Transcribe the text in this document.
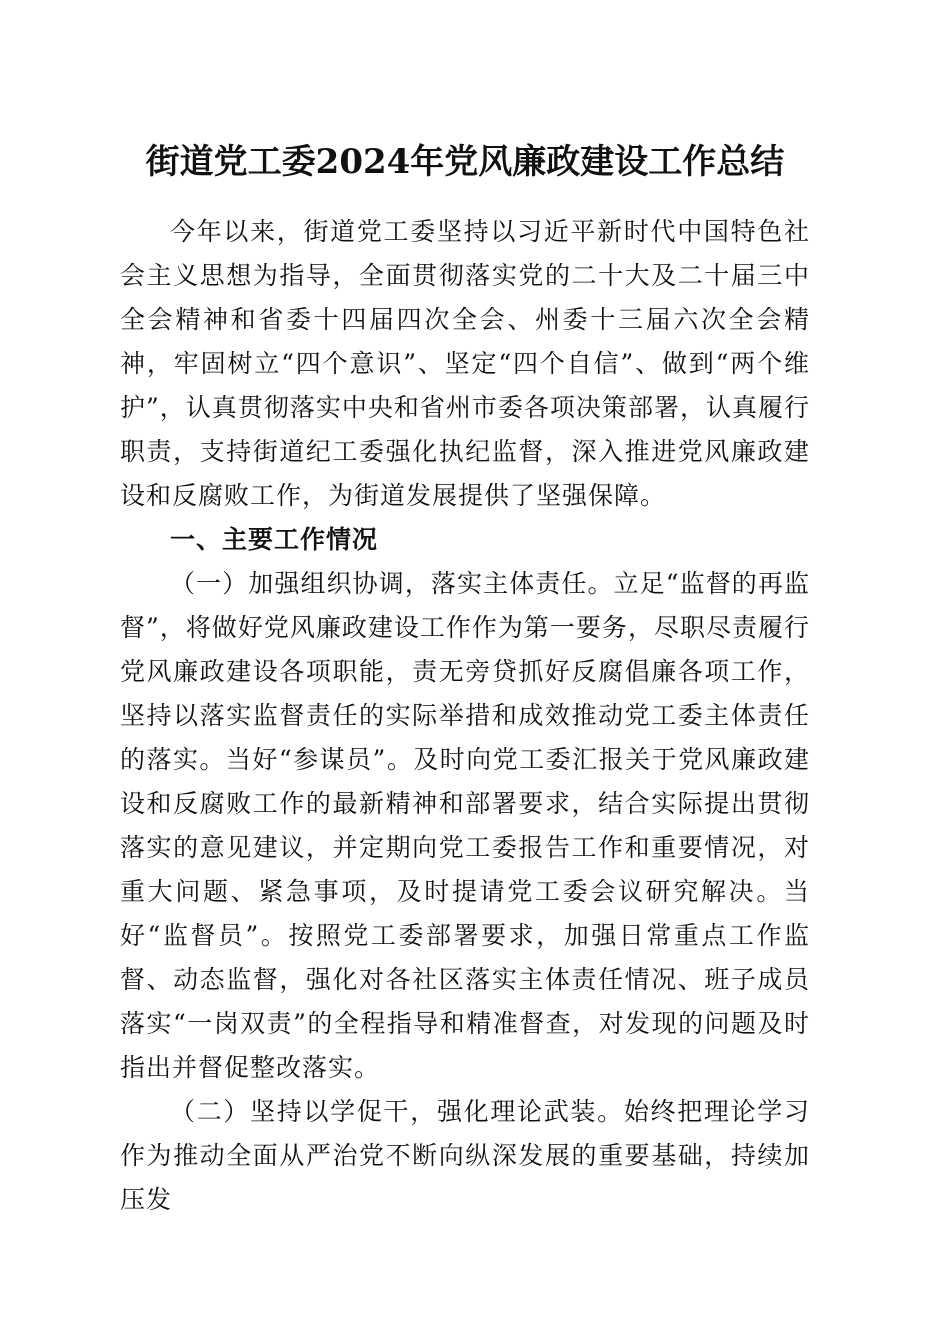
街道党工委2024年党风廉政建设工作总结

今年以来，街道党工委坚持以习近平新时代中国特色社会主义思想为指导，全面贯彻落实党的二十大及二十届三中全会精神和省委十四届四次全会、州委十三届六次全会精神，牢固树立“四个意识”、坚定“四个自信”、做到“两个维护”，认真贯彻落实中央和省州市委各项决策部署，认真履行职责，支持街道纪工委强化执纪监督，深入推进党风廉政建设和反腐败工作，为街道发展提供了坚强保障。

一、主要工作情况

（一）加强组织协调，落实主体责任。立足“监督的再监督”，将做好党风廉政建设工作作为第一要务，尽职尽责履行党风廉政建设各项职能，责无旁贷抓好反腐倡廉各项工作，坚持以落实监督责任的实际举措和成效推动党工委主体责任的落实。当好“参谋员”。及时向党工委汇报关于党风廉政建设和反腐败工作的最新精神和部署要求，结合实际提出贯彻落实的意见建议，并定期向党工委报告工作和重要情况，对重大问题、紧急事项，及时提请党工委会议研究解决。当好“监督员”。按照党工委部署要求，加强日常重点工作监督、动态监督，强化对各社区落实主体责任情况、班子成员落实“一岗双责”的全程指导和精准督查，对发现的问题及时指出并督促整改落实。

（二）坚持以学促干，强化理论武装。始终把理论学习作为推动全面从严治党不断向纵深发展的重要基础，持续加压发
